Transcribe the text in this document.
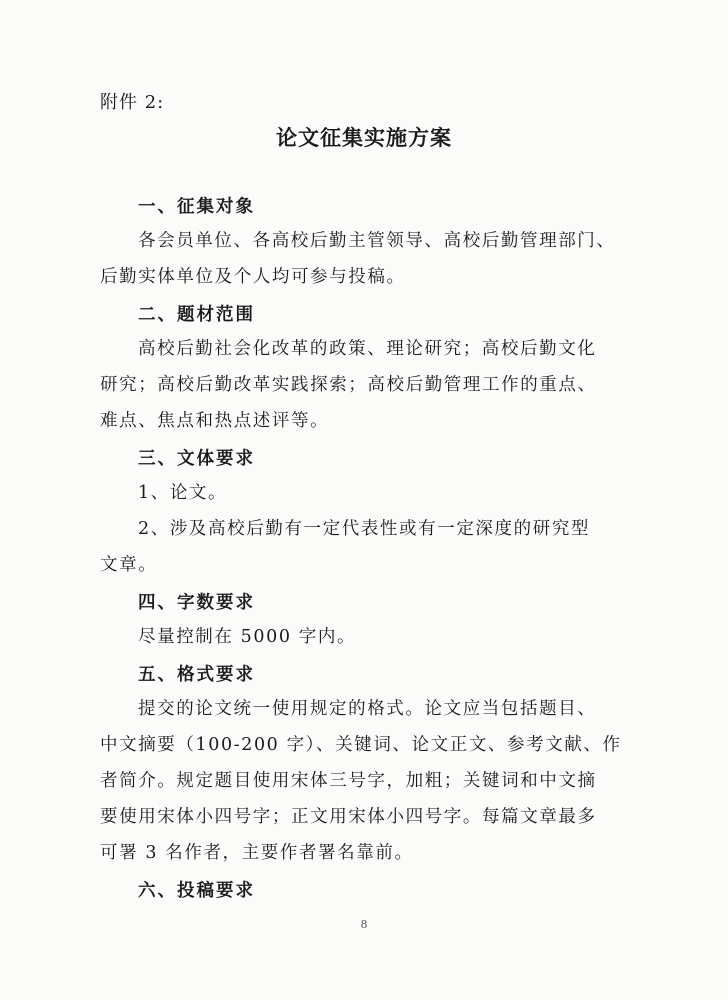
附件 2:
论文征集实施方案
一、征集对象
各会员单位、各高校后勤主管领导、高校后勤管理部门、
后勤实体单位及个人均可参与投稿。
二、题材范围
高校后勤社会化改革的政策、理论研究；高校后勤文化
研究；高校后勤改革实践探索；高校后勤管理工作的重点、
难点、焦点和热点述评等。
三、文体要求
1、论文。
2、涉及高校后勤有一定代表性或有一定深度的研究型
文章。
四、字数要求
尽量控制在 5000 字内。
五、格式要求
提交的论文统一使用规定的格式。论文应当包括题目、
中文摘要（100-200 字）、关键词、论文正文、参考文献、作
者简介。规定题目使用宋体三号字，加粗；关键词和中文摘
要使用宋体小四号字；正文用宋体小四号字。每篇文章最多
可署 3 名作者，主要作者署名靠前。
六、投稿要求
8
